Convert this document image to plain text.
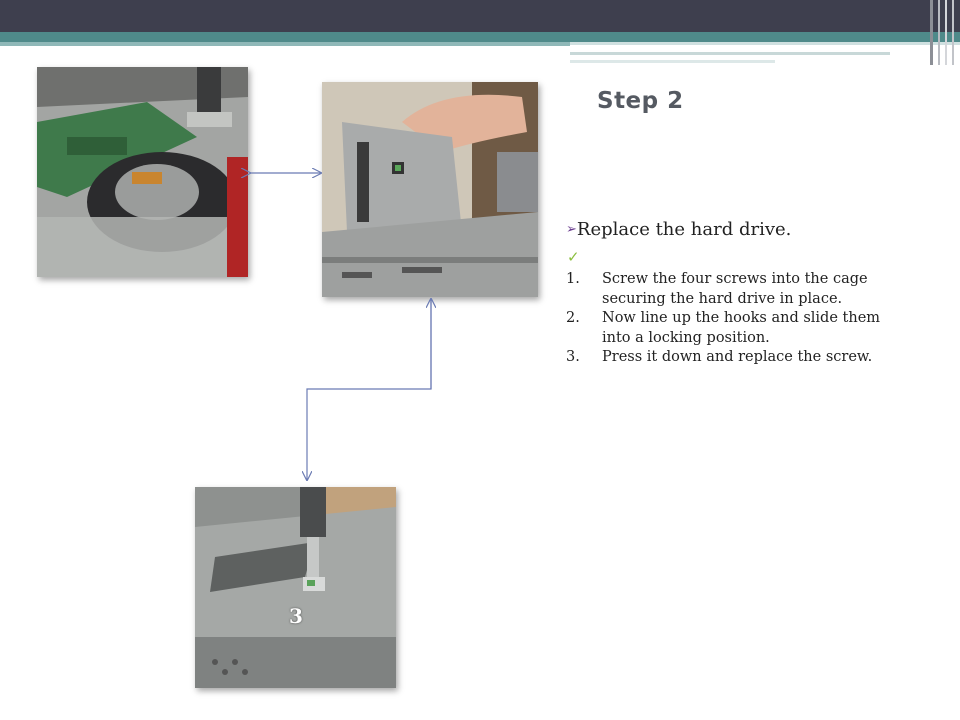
3
Step 2
➢Replace the hard drive.
✓
1. Screw the four screws into the cage securing the hard drive in place.
2. Now line up the hooks and slide them into a locking position.
3. Press it down and replace the screw.
